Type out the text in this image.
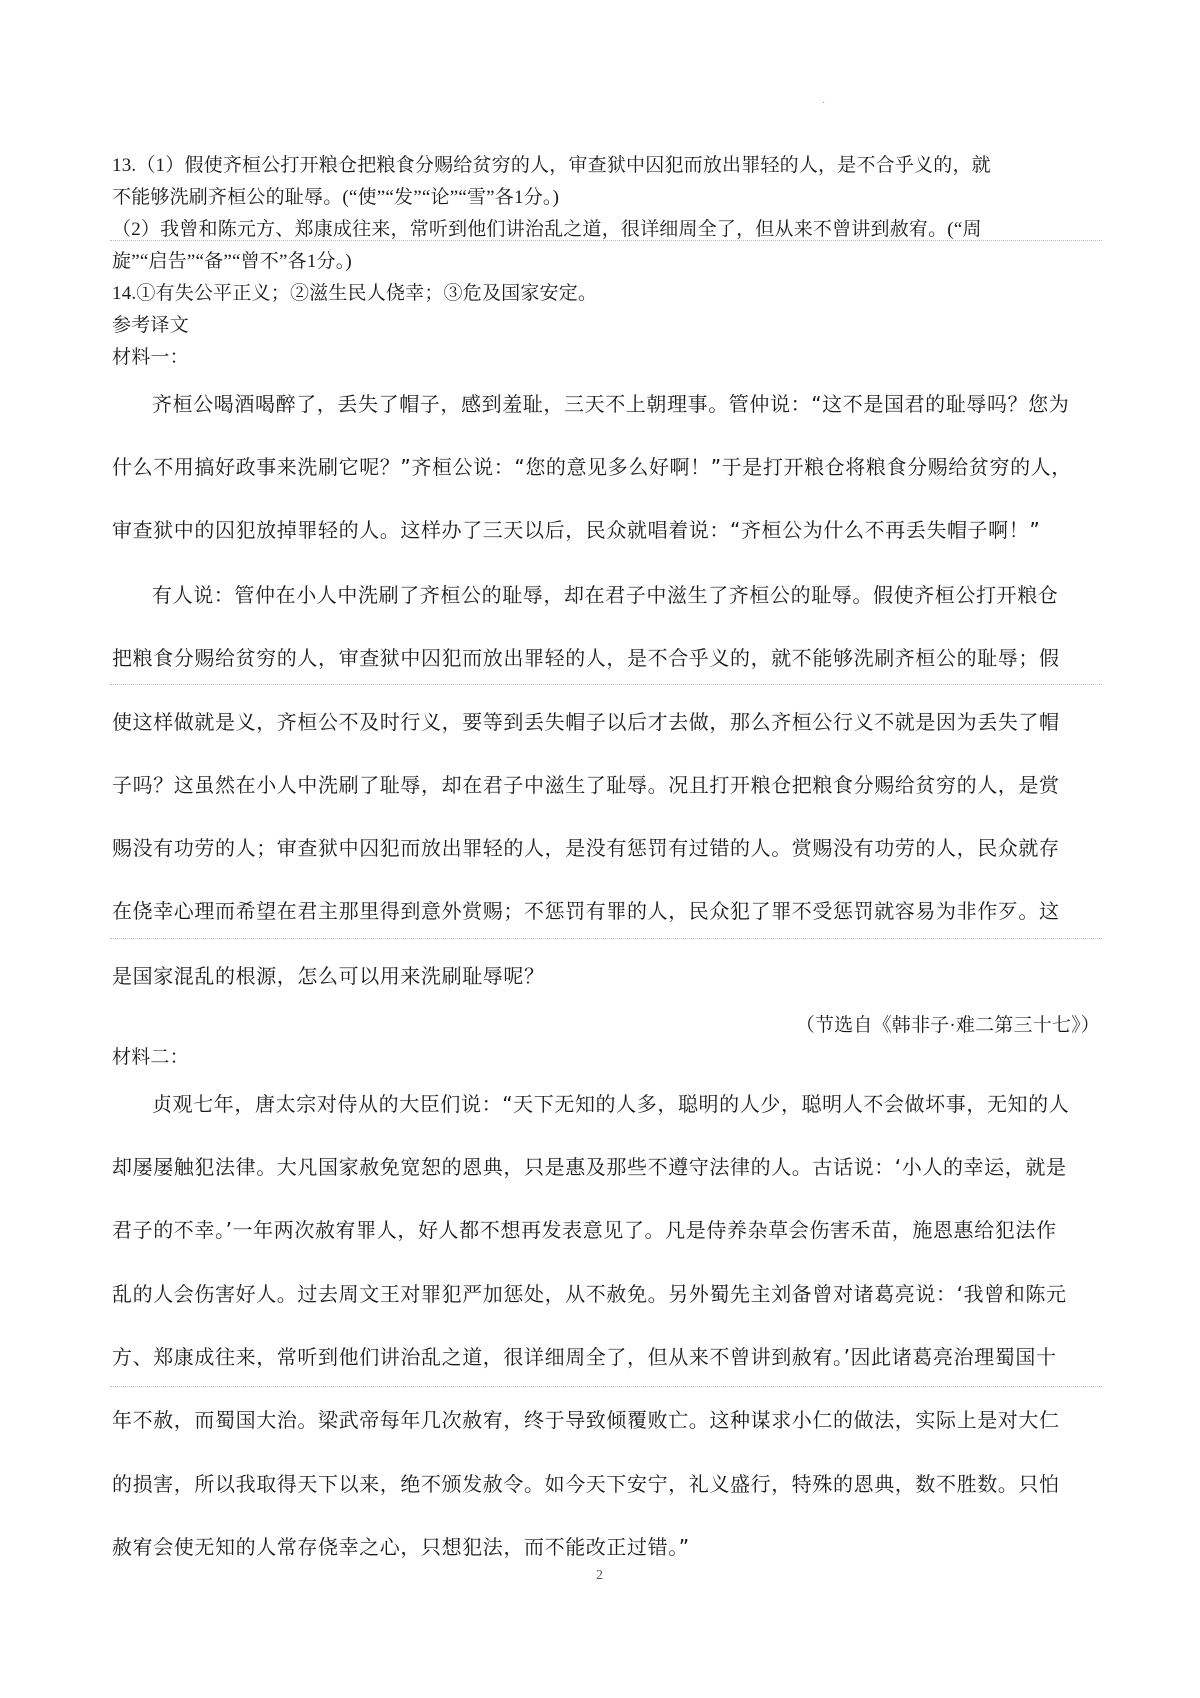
·
13.（1）假使齐桓公打开粮仓把粮食分赐给贫穷的人，审查狱中囚犯而放出罪轻的人，是不合乎义的，就
不能够洗刷齐桓公的耻辱。(“使”“发”“论”“雪”各1分。)
（2）我曾和陈元方、郑康成往来，常听到他们讲治乱之道，很详细周全了，但从来不曾讲到赦宥。(“周
旋”“启告”“备”“曾不”各1分。)
14.①有失公平正义；②滋生民人侥幸；③危及国家安定。
参考译文
材料一：
齐桓公喝酒喝醉了，丢失了帽子，感到羞耻，三天不上朝理事。管仲说：“这不是国君的耻辱吗？您为
什么不用搞好政事来洗刷它呢？”齐桓公说：“您的意见多么好啊！”于是打开粮仓将粮食分赐给贫穷的人，
审查狱中的囚犯放掉罪轻的人。这样办了三天以后，民众就唱着说：“齐桓公为什么不再丢失帽子啊！”
有人说：管仲在小人中洗刷了齐桓公的耻辱，却在君子中滋生了齐桓公的耻辱。假使齐桓公打开粮仓
把粮食分赐给贫穷的人，审查狱中囚犯而放出罪轻的人，是不合乎义的，就不能够洗刷齐桓公的耻辱；假
使这样做就是义，齐桓公不及时行义，要等到丢失帽子以后才去做，那么齐桓公行义不就是因为丢失了帽
子吗？这虽然在小人中洗刷了耻辱，却在君子中滋生了耻辱。况且打开粮仓把粮食分赐给贫穷的人，是赏
赐没有功劳的人；审查狱中囚犯而放出罪轻的人，是没有惩罚有过错的人。赏赐没有功劳的人，民众就存
在侥幸心理而希望在君主那里得到意外赏赐；不惩罚有罪的人，民众犯了罪不受惩罚就容易为非作歹。这
是国家混乱的根源，怎么可以用来洗刷耻辱呢？
（节选自《韩非子·难二第三十七》）
材料二：
贞观七年，唐太宗对侍从的大臣们说：“天下无知的人多，聪明的人少，聪明人不会做坏事，无知的人
却屡屡触犯法律。大凡国家赦免宽恕的恩典，只是惠及那些不遵守法律的人。古话说：‘小人的幸运，就是
君子的不幸。’一年两次赦宥罪人，好人都不想再发表意见了。凡是侍养杂草会伤害禾苗，施恩惠给犯法作
乱的人会伤害好人。过去周文王对罪犯严加惩处，从不赦免。另外蜀先主刘备曾对诸葛亮说：‘我曾和陈元
方、郑康成往来，常听到他们讲治乱之道，很详细周全了，但从来不曾讲到赦宥。’因此诸葛亮治理蜀国十
年不赦，而蜀国大治。梁武帝每年几次赦宥，终于导致倾覆败亡。这种谋求小仁的做法，实际上是对大仁
的损害，所以我取得天下以来，绝不颁发赦令。如今天下安宁，礼义盛行，特殊的恩典，数不胜数。只怕
赦宥会使无知的人常存侥幸之心，只想犯法，而不能改正过错。”
2
